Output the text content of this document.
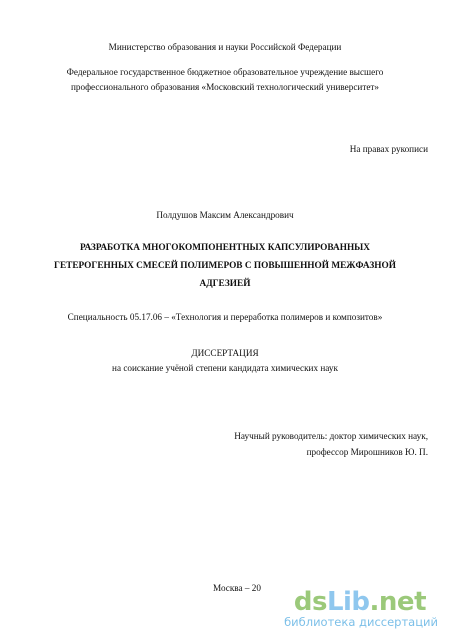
Министерство образования и науки Российской Федерации
Федеральное государственное бюджетное образовательное учреждение высшего
профессионального образования «Московский технологический университет»
На правах рукописи
Полдушов Максим Александрович
РАЗРАБОТКА МНОГОКОМПОНЕНТНЫХ КАПСУЛИРОВАННЫХ
ГЕТЕРОГЕННЫХ СМЕСЕЙ ПОЛИМЕРОВ С ПОВЫШЕННОЙ МЕЖФАЗНОЙ
АДГЕЗИЕЙ
Специальность 05.17.06 – «Технология и переработка полимеров и композитов»
ДИССЕРТАЦИЯ
на соискание учёной степени кандидата химических наук
Научный руководитель: доктор химических наук,
профессор Мирошников Ю. П.
Москва – 20 dsLib.net
библиотека диссертаций
